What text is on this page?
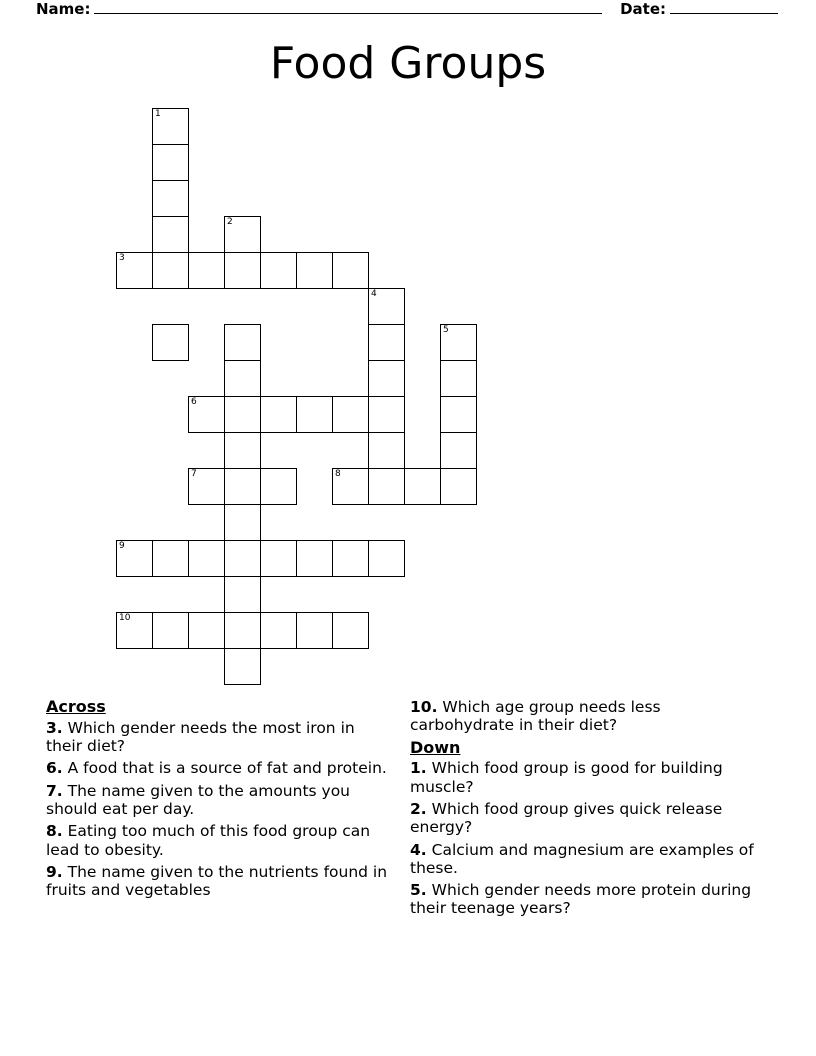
Name:	Date:
Food Groups
1
2
3
4
5
6
7	8
9
10
Across
3. Which gender needs the most iron in their diet?
6. A food that is a source of fat and protein.
7. The name given to the amounts you should eat per day.
8. Eating too much of this food group can lead to obesity.
9. The name given to the nutrients found in fruits and vegetables
10. Which age group needs less carbohydrate in their diet?
Down
1. Which food group is good for building muscle?
2. Which food group gives quick release energy?
4. Calcium and magnesium are examples of these.
5. Which gender needs more protein during their teenage years?
